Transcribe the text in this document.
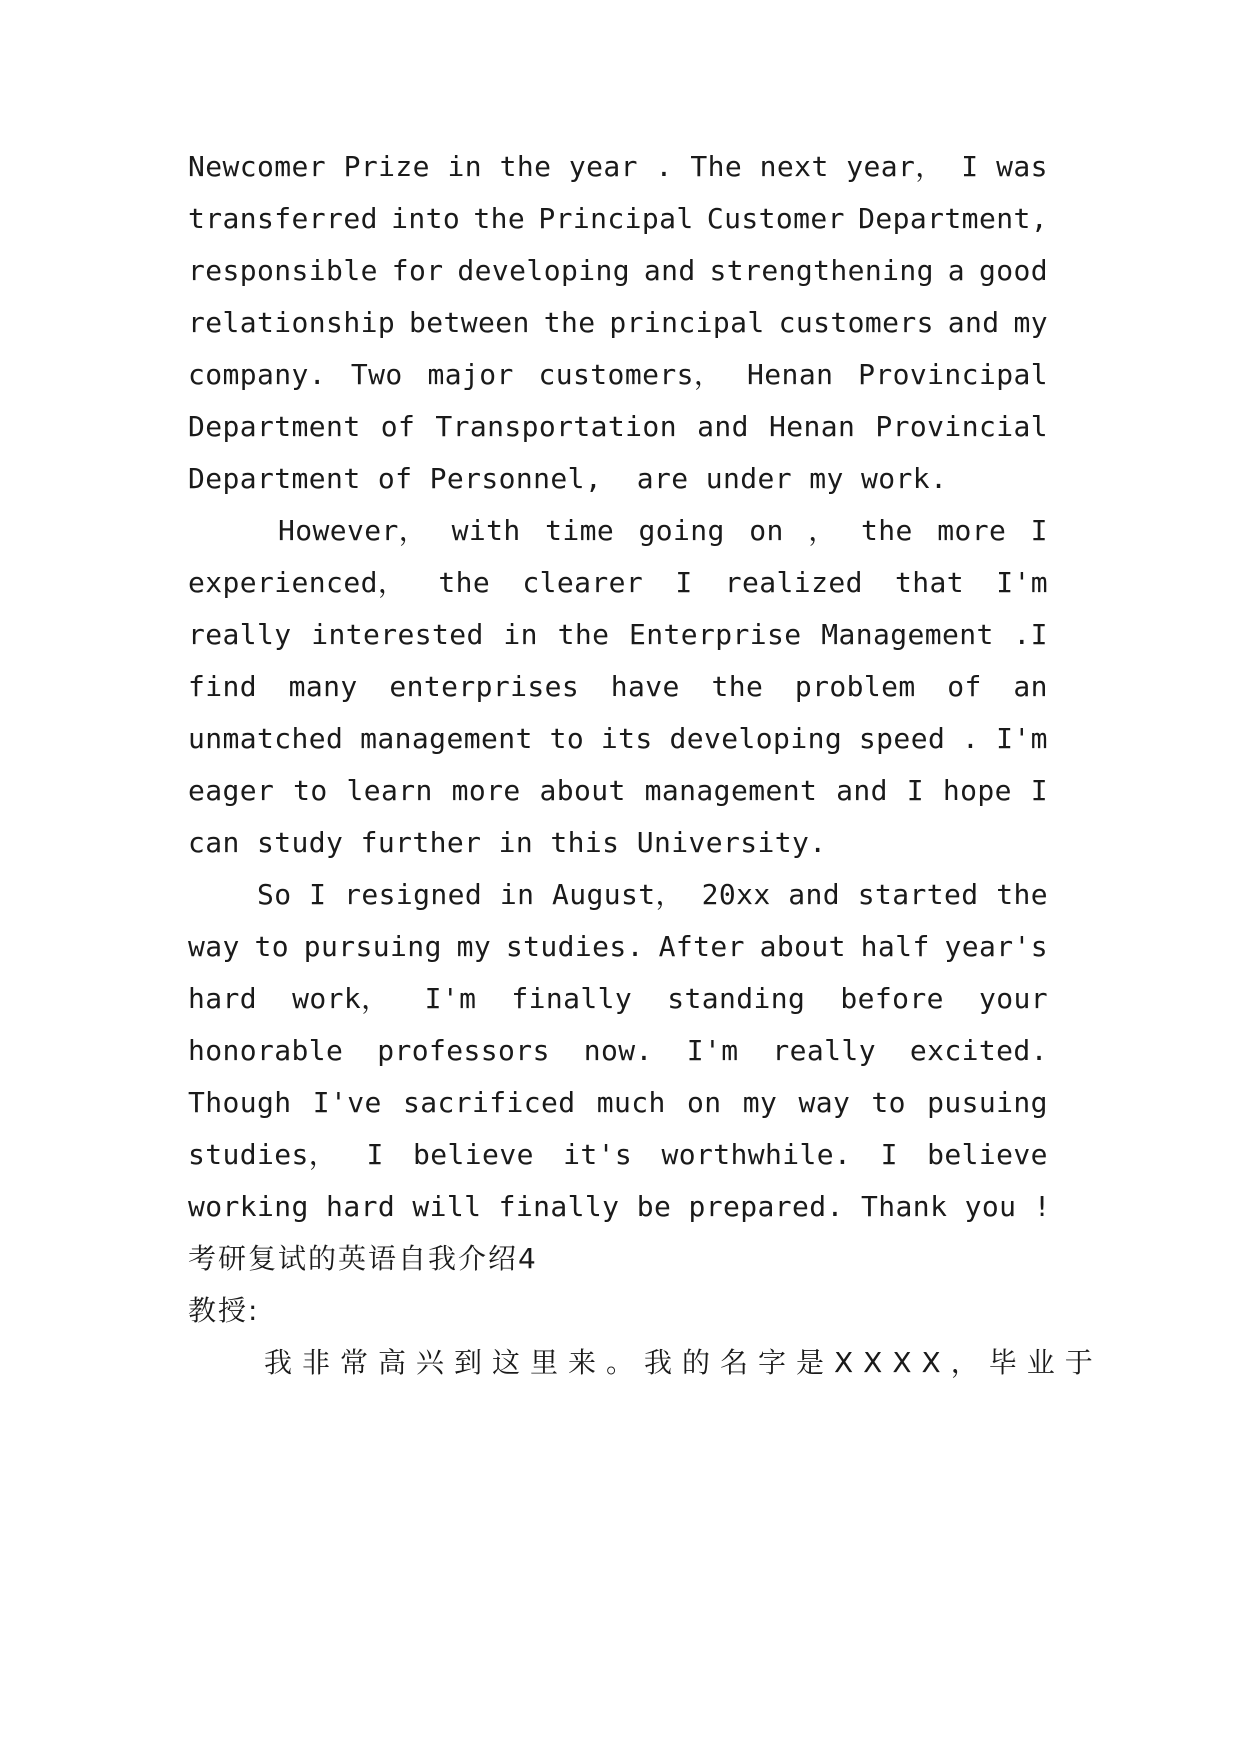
Newcomer Prize in the year . The next year， I was
transferred into the Principal Customer Department,
responsible for developing and strengthening a good
relationship between the principal customers and my
company. Two major customers， Henan Provincipal
Department of Transportation and Henan Provincial
Department of Personnel,  are under my work.
However， with time going on ， the more I
experienced， the clearer I realized that I'm
really interested in the Enterprise Management .I
find many enterprises have the problem of an
unmatched management to its developing speed . I'm
eager to learn more about management and I hope I
can study further in this University.
So I resigned in August， 20xx and started the
way to pursuing my studies. After about half year's
hard work， I'm finally standing before your
honorable professors now. I'm really excited.
Though I've sacrificed much on my way to pusuing
studies， I believe it's worthwhile. I believe
working hard will finally be prepared. Thank you !
考研复试的英语自我介绍4
教授:
我非常高兴到这里来。我的名字是XXXX，毕业于
